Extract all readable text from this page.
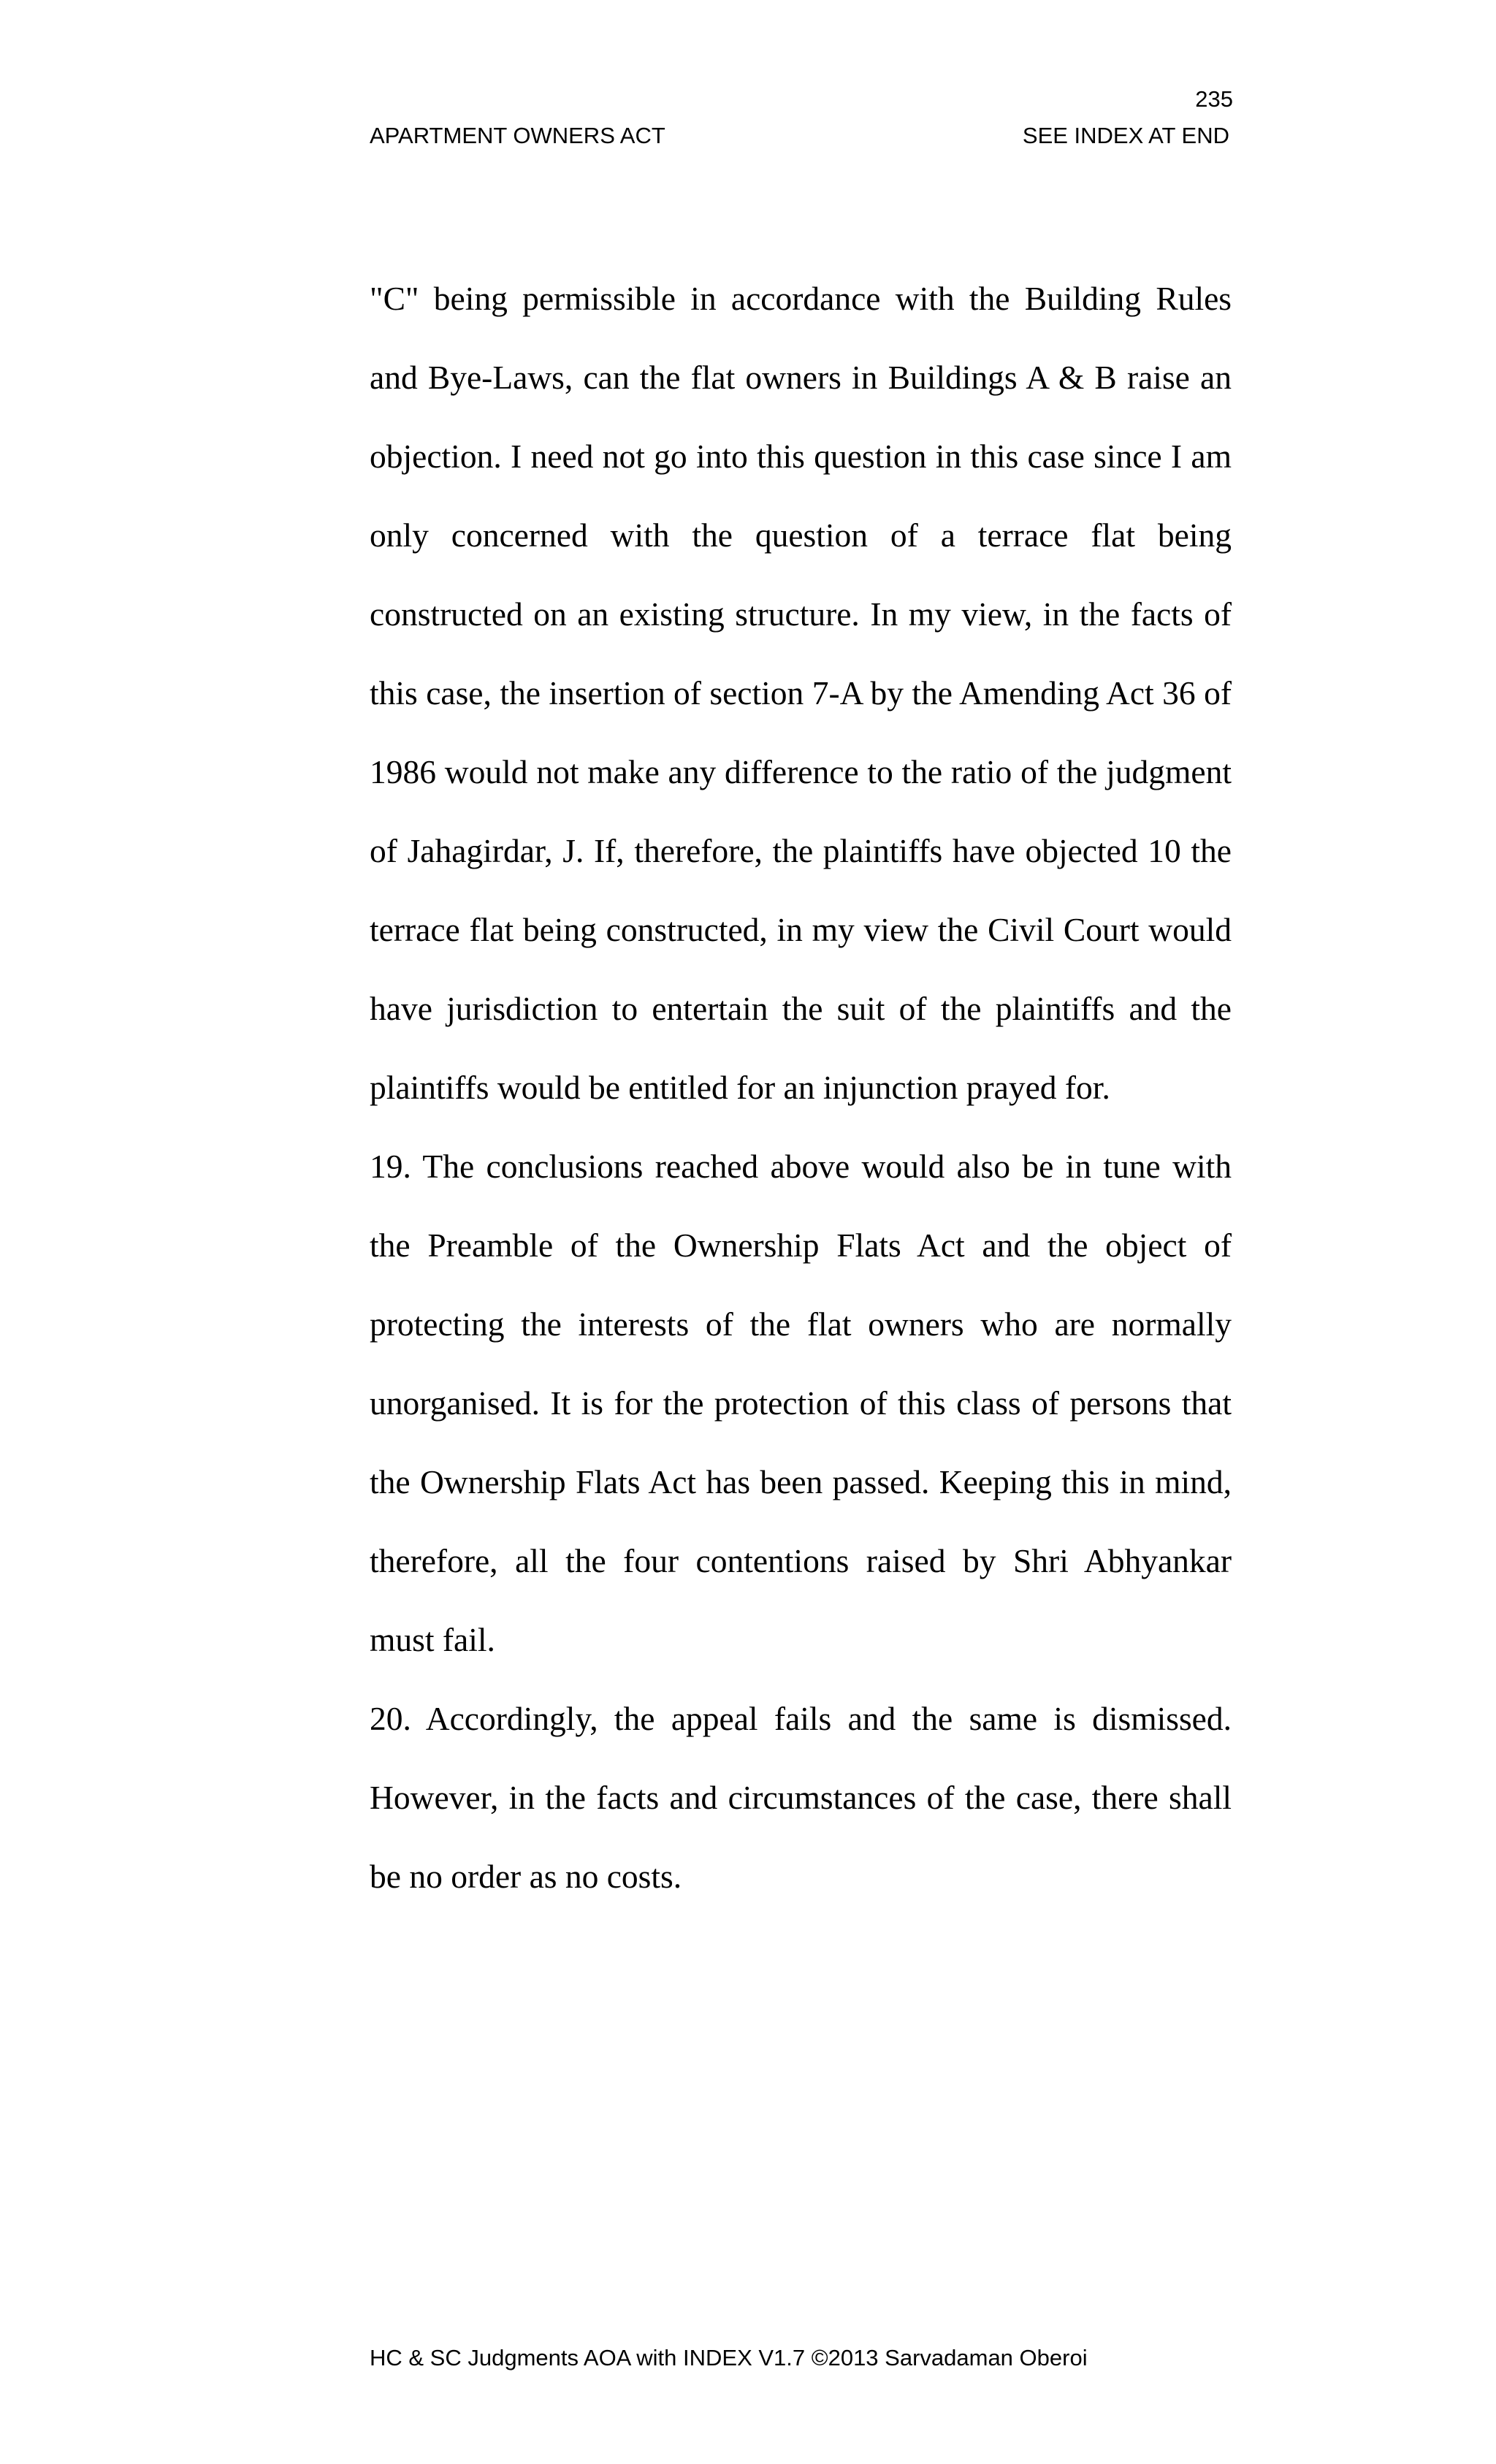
235
APARTMENT OWNERS ACT	SEE INDEX AT END

"C" being permissible in accordance with the Building Rules and Bye-Laws, can the flat owners in Buildings A & B raise an objection. I need not go into this question in this case since I am only concerned with the question of a terrace flat being constructed on an existing structure. In my view, in the facts of this case, the insertion of section 7-A by the Amending Act 36 of 1986 would not make any difference to the ratio of the judgment of Jahagirdar, J. If, therefore, the plaintiffs have objected 10 the terrace flat being constructed, in my view the Civil Court would have jurisdiction to entertain the suit of the plaintiffs and the plaintiffs would be entitled for an injunction prayed for.

19. The conclusions reached above would also be in tune with the Preamble of the Ownership Flats Act and the object of protecting the interests of the flat owners who are normally unorganised. It is for the protection of this class of persons that the Ownership Flats Act has been passed. Keeping this in mind, therefore, all the four contentions raised by Shri Abhyankar must fail.

20. Accordingly, the appeal fails and the same is dismissed. However, in the facts and circumstances of the case, there shall be no order as no costs.

HC & SC Judgments AOA with INDEX V1.7 ©2013 Sarvadaman Oberoi
